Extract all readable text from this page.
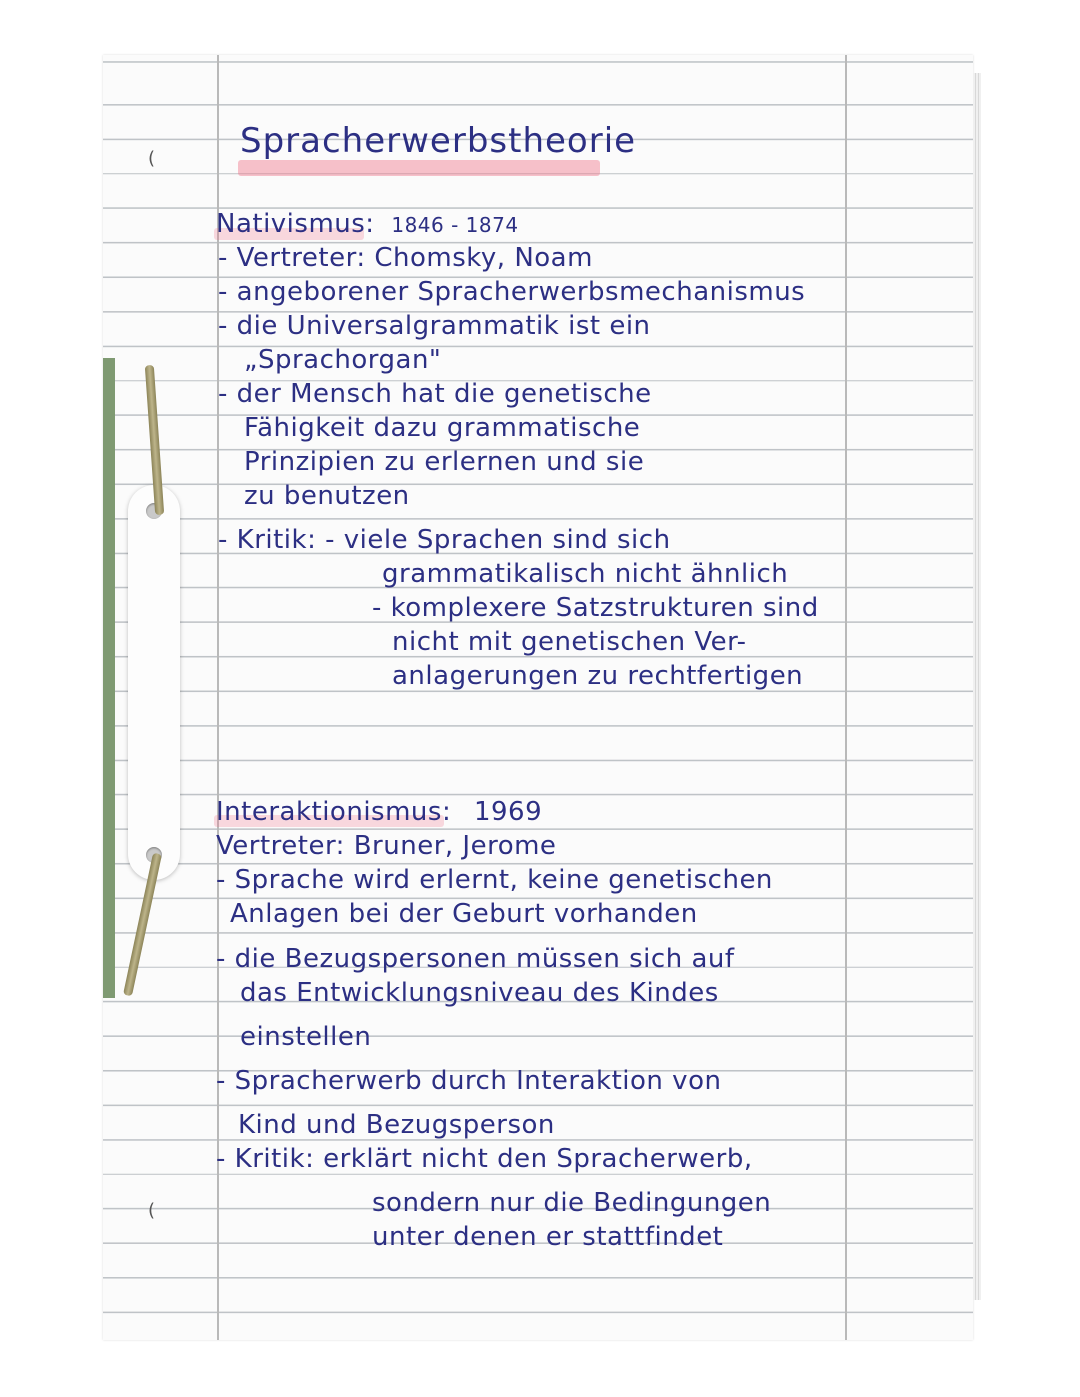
(
(
Spracherwerbstheorie
Nativismus: 1846 - 1874
- Vertreter: Chomsky, Noam
- angeborener Spracherwerbsmechanismus
- die Universalgrammatik ist ein
„Sprachorgan"
- der Mensch hat die genetische
Fähigkeit dazu grammatische
Prinzipien zu erlernen und sie
zu benutzen
- Kritik: - viele Sprachen sind sich
grammatikalisch nicht ähnlich
- komplexere Satzstrukturen sind
nicht mit genetischen Ver-
anlagerungen zu rechtfertigen
Interaktionismus: 1969
Vertreter: Bruner, Jerome
- Sprache wird erlernt, keine genetischen
Anlagen bei der Geburt vorhanden
- die Bezugspersonen müssen sich auf
das Entwicklungsniveau des Kindes
einstellen
- Spracherwerb durch Interaktion von
Kind und Bezugsperson
- Kritik: erklärt nicht den Spracherwerb,
sondern nur die Bedingungen
unter denen er stattfindet
